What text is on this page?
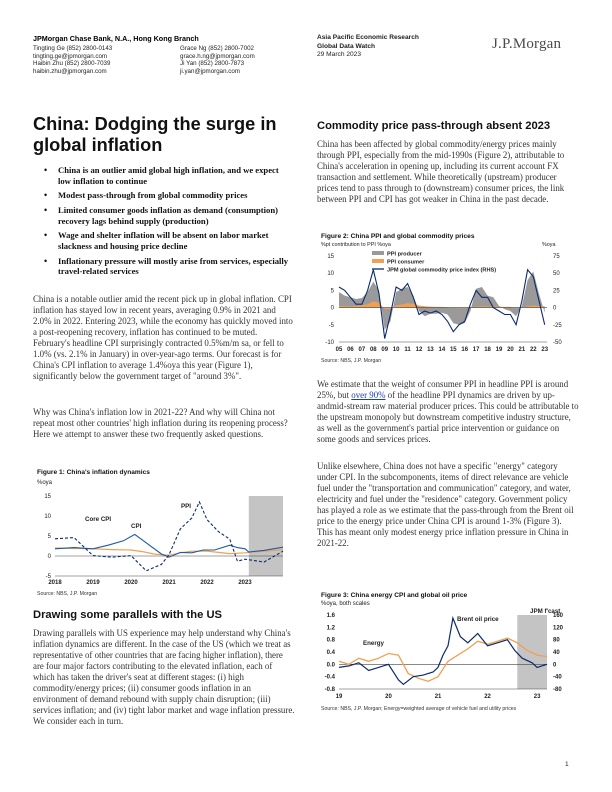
JPMorgan Chase Bank, N.A., Hong Kong Branch
Tingting Ge (852) 2800-0143
tingting.ge@jpmorgan.com
Haibin Zhu (852) 2800-7039
haibin.zhu@jpmorgan.com
Grace Ng (852) 2800-7002
grace.h.ng@jpmorgan.com
Ji Yan (852) 2800-7873
ji.yan@jpmorgan.com
Asia Pacific Economic Research
Global Data Watch
29 March 2023
J.P.Morgan
China: Dodging the surge in global inflation
• China is an outlier amid global high inflation, and we expect low inflation to continue
• Modest pass-through from global commodity prices
• Limited consumer goods inflation as demand (consumption) recovery lags behind supply (production)
• Wage and shelter inflation will be absent on labor market slackness and housing price decline
• Inflationary pressure will mostly arise from services, especially travel-related services
China is a notable outlier amid the recent pick up in global inflation. CPI inflation has stayed low in recent years, averaging 0.9% in 2021 and 2.0% in 2022. Entering 2023, while the economy has quickly moved into a post-reopening recovery, inflation has continued to be muted. February's headline CPI surprisingly contracted 0.5%m/m sa, or fell to 1.0% (vs. 2.1% in January) in over-year-ago terms. Our forecast is for China's CPI inflation to average 1.4%oya this year (Figure 1), significantly below the government target of "around 3%".
Why was China's inflation low in 2021-22? And why will China not repeat most other countries' high inflation during its reopening process? Here we attempt to answer these two frequently asked questions.
Figure 1: China's inflation dynamics
%oya
15
10
5
0
-5
2018	2019	2020	2021	2022	2023
Core CPI
CPI
PPI
Source: NBS, J.P. Morgan
Drawing some parallels with the US
Drawing parallels with US experience may help understand why China's inflation dynamics are different. In the case of the US (which we treat as representative of other countries that are facing higher inflation), there are four major factors contributing to the elevated inflation, each of which has taken the driver's seat at different stages: (i) high commodity/energy prices; (ii) consumer goods inflation in an environment of demand rebound with supply chain disruption; (iii) services inflation; and (iv) tight labor market and wage inflation pressure. We consider each in turn.
Commodity price pass-through absent 2023
China has been affected by global commodity/energy prices mainly through PPI, especially from the mid-1990s (Figure 2), attributable to China's acceleration in opening up, including its current account FX transaction and settlement. While theoretically (upstream) producer prices tend to pass through to (downstream) consumer prices, the link between PPI and CPI has got weaker in China in the past decade.
Figure 2: China PPI and global commodity prices
%pt contribution to PPI %oya	%oya
15
10
5
0
-5
-10
75
50
25
0
-25
-50
05 06 07 08 09 10 11 12 13 14 15 16 17 18 19 20 21 22 23
PPI producer
PPI consumer
JPM global commodity price index (RHS)
Source: NBS, J.P. Morgan
We estimate that the weight of consumer PPI in headline PPI is around 25%, but over 90% of the headline PPI dynamics are driven by up- andmid-stream raw material producer prices. This could be attributable to the upstream monopoly but downstream competitive industry structure, as well as the government's partial price intervention or guidance on some goods and services prices.
Unlike elsewhere, China does not have a specific "energy" category under CPI. In the subcomponents, items of direct relevance are vehicle fuel under the "transportation and communication" category, and water, electricity and fuel under the "residence" category. Government policy has played a role as we estimate that the pass-through from the Brent oil price to the energy price under China CPI is around 1-3% (Figure 3). This has meant only modest energy price inflation pressure in China in 2021-22.
Figure 3: China energy CPI and global oil price
%oya, both scales
1.6
1.2
0.8
0.4
0.0
-0.4
-0.8
160
120
80
40
0
-40
-80
19	20	21	22	23
Energy
Brent oil price
JPM f'cast
Source: NBS, J.P. Morgan; Energy=weighted average of vehicle fuel and utility prices
1
